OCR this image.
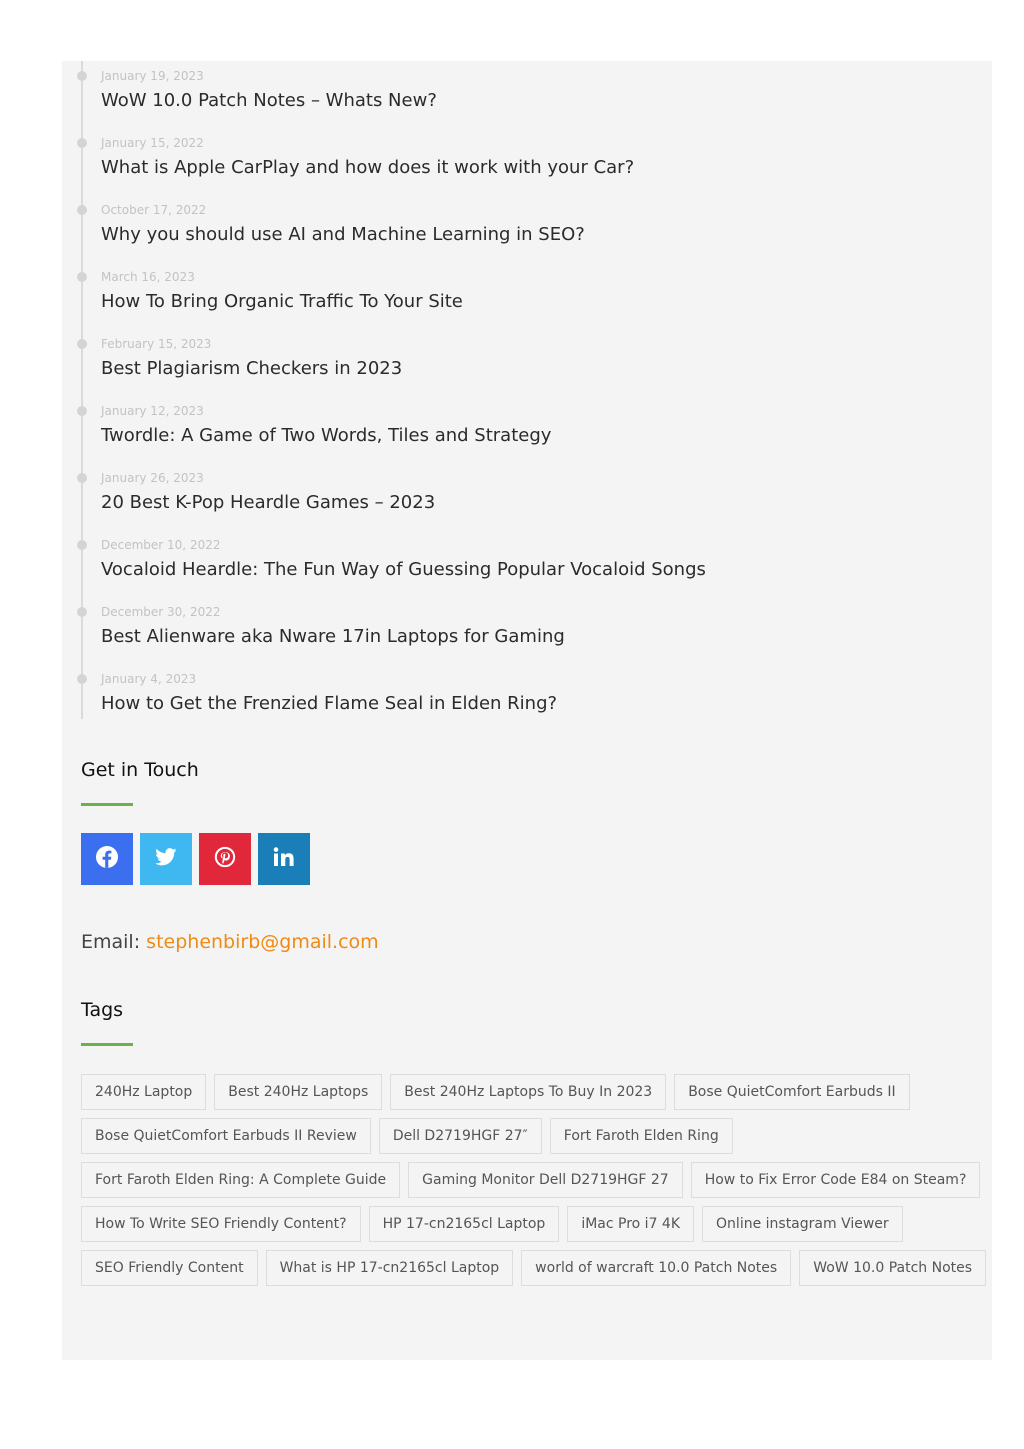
January 19, 2023
WoW 10.0 Patch Notes – Whats New?
January 15, 2022
What is Apple CarPlay and how does it work with your Car?
October 17, 2022
Why you should use AI and Machine Learning in SEO?
March 16, 2023
How To Bring Organic Traffic To Your Site
February 15, 2023
Best Plagiarism Checkers in 2023
January 12, 2023
Twordle: A Game of Two Words, Tiles and Strategy
January 26, 2023
20 Best K-Pop Heardle Games – 2023
December 10, 2022
Vocaloid Heardle: The Fun Way of Guessing Popular Vocaloid Songs
December 30, 2022
Best Alienware aka Nware 17in Laptops for Gaming
January 4, 2023
How to Get the Frenzied Flame Seal in Elden Ring?
Get in Touch
Email: stephenbirb@gmail.com
Tags
240Hz Laptop	Best 240Hz Laptops	Best 240Hz Laptops To Buy In 2023	Bose QuietComfort Earbuds II
Bose QuietComfort Earbuds II Review	Dell D2719HGF 27″	Fort Faroth Elden Ring
Fort Faroth Elden Ring: A Complete Guide	Gaming Monitor Dell D2719HGF 27	How to Fix Error Code E84 on Steam?
How To Write SEO Friendly Content?	HP 17-cn2165cl Laptop	iMac Pro i7 4K	Online instagram Viewer
SEO Friendly Content	What is HP 17-cn2165cl Laptop	world of warcraft 10.0 Patch Notes	WoW 10.0 Patch Notes
